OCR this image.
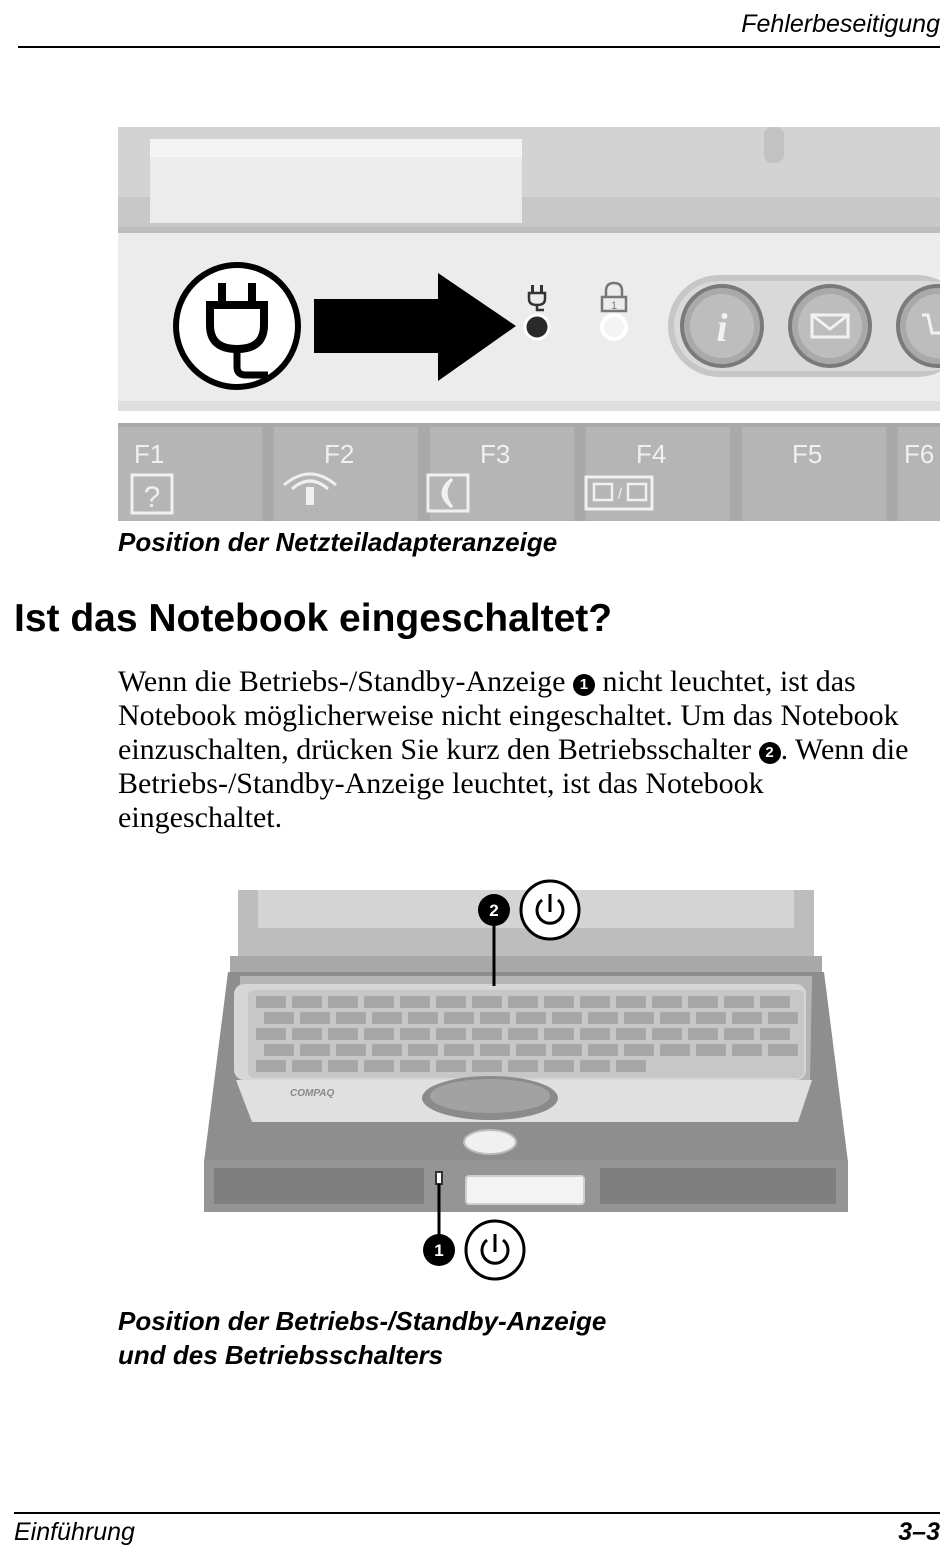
Fehlerbeseitigung
1 i
F1	F2	F3	F4	F5	F6
?	/
Position der Netzteiladapteranzeige
Ist das Notebook eingeschaltet?

Wenn die Betriebs-/Standby-Anzeige 1 nicht leuchtet, ist das
Notebook möglicherweise nicht eingeschaltet. Um das Notebook
einzuschalten, drücken Sie kurz den Betriebsschalter 2 . Wenn die
Betriebs-/Standby-Anzeige leuchtet, ist das Notebook
eingeschaltet.

COMPAQ
2
1
Position der Betriebs-/Standby-Anzeige
und des Betriebsschalters
Einführung	3–3
